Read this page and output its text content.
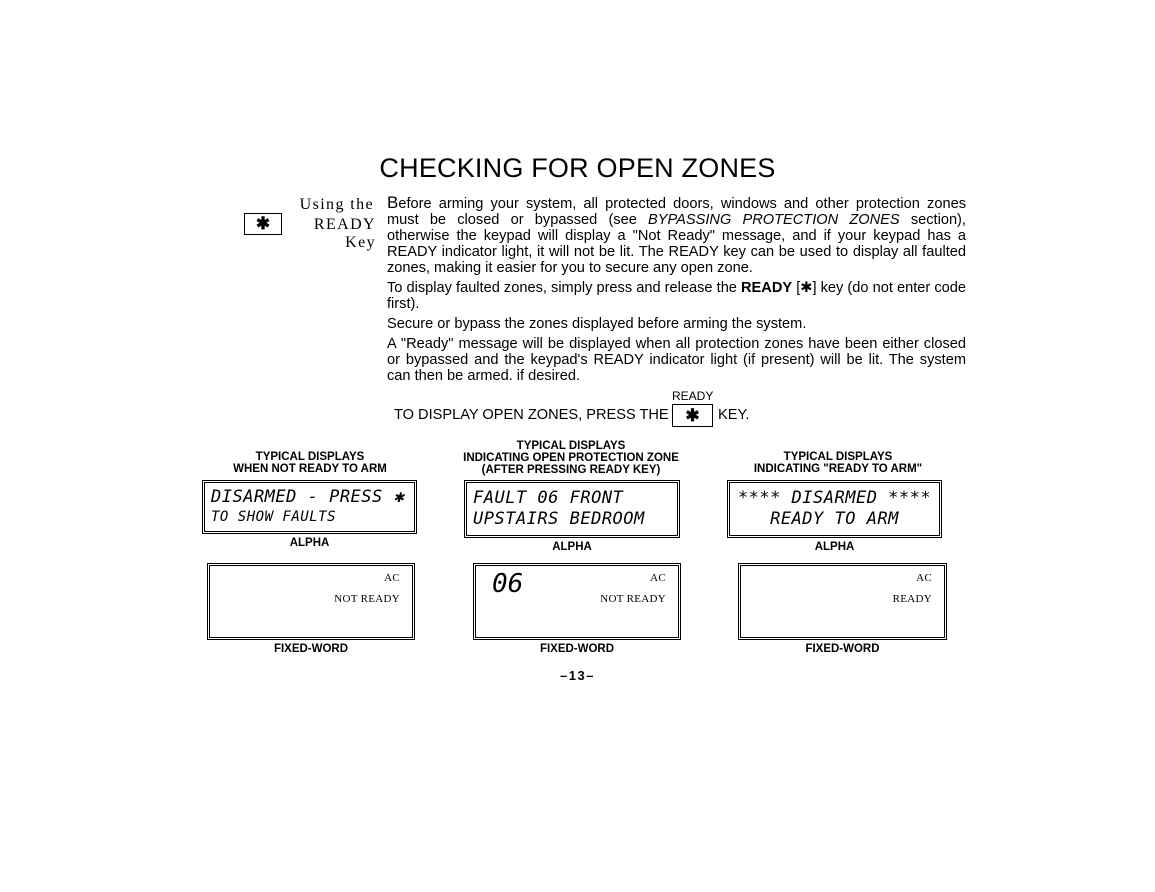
CHECKING FOR OPEN ZONES
Using the
✱	READY Key

Before arming your system, all protected doors, windows and other protection zones must be closed or bypassed (see BYPASSING PROTECTION ZONES section), otherwise the keypad will display a "Not Ready" message, and if your keypad has a READY indicator light, it will not be lit. The READY key can be used to display all faulted zones, making it easier for you to secure any open zone.

To display faulted zones, simply press and release the READY [✱] key (do not enter code first).

Secure or bypass the zones displayed before arming the system.

A "Ready" message will be displayed when all protection zones have been either closed or bypassed and the keypad's READY indicator light (if present) will be lit. The system can then be armed. if desired.

READY
TO DISPLAY OPEN ZONES, PRESS THE ✱ KEY.
TYPICAL DISPLAYS
WHEN NOT READY TO ARM
DISARMED - PRESS ✱
TO SHOW FAULTS
ALPHA
AC
NOT READY
FIXED-WORD
TYPICAL DISPLAYS
INDICATING OPEN PROTECTION ZONE
(AFTER PRESSING READY KEY)
FAULT 06 FRONT
UPSTAIRS BEDROOM
ALPHA
06	AC
NOT READY
FIXED-WORD
TYPICAL DISPLAYS
INDICATING "READY TO ARM"
**** DISARMED ****
READY TO ARM
ALPHA
AC
READY
FIXED-WORD
–13–
